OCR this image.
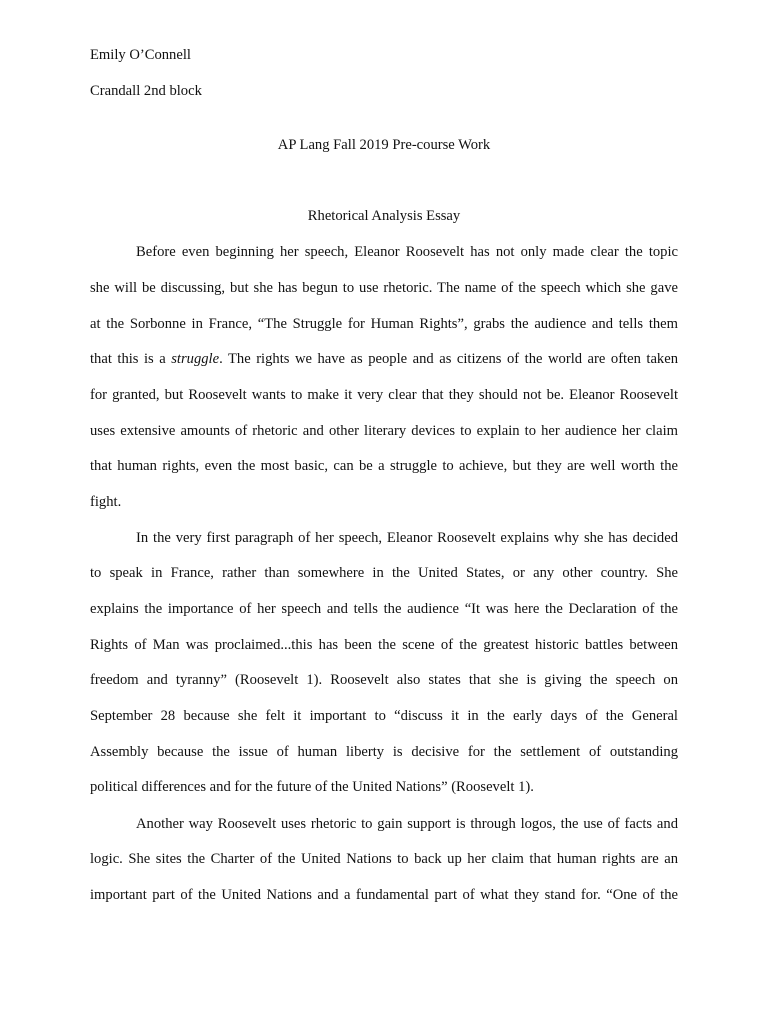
Emily O’Connell
Crandall 2nd block
AP Lang Fall 2019 Pre-course Work
Rhetorical Analysis Essay
Before even beginning her speech, Eleanor Roosevelt has not only made clear the topic
she will be discussing, but she has begun to use rhetoric. The name of the speech which she gave
at the Sorbonne in France, “The Struggle for Human Rights”, grabs the audience and tells them
that this is a struggle. The rights we have as people and as citizens of the world are often taken
for granted, but Roosevelt wants to make it very clear that they should not be. Eleanor Roosevelt
uses extensive amounts of rhetoric and other literary devices to explain to her audience her claim
that human rights, even the most basic, can be a struggle to achieve, but they are well worth the
fight.
In the very first paragraph of her speech, Eleanor Roosevelt explains why she has decided
to speak in France, rather than somewhere in the United States, or any other country. She
explains the importance of her speech and tells the audience “It was here the Declaration of the
Rights of Man was proclaimed...this has been the scene of the greatest historic battles between
freedom and tyranny” (Roosevelt 1). Roosevelt also states that she is giving the speech on
September 28 because she felt it important to “discuss it in the early days of the General
Assembly because the issue of human liberty is decisive for the settlement of outstanding
political differences and for the future of the United Nations” (Roosevelt 1).
Another way Roosevelt uses rhetoric to gain support is through logos, the use of facts and
logic. She sites the Charter of the United Nations to back up her claim that human rights are an
important part of the United Nations and a fundamental part of what they stand for. “One of the
